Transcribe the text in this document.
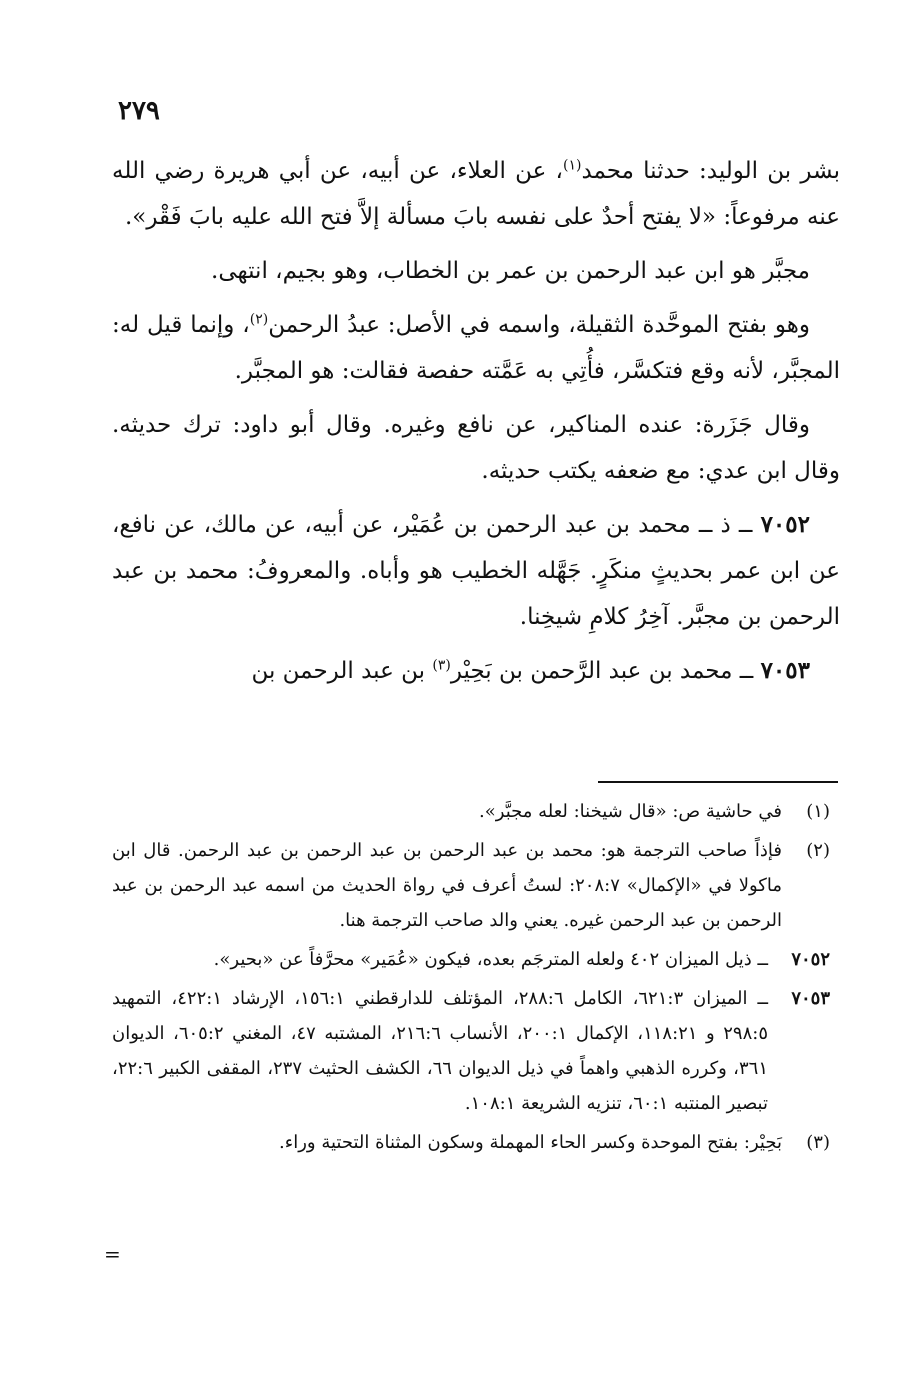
٢٧٩

بشر بن الوليد: حدثنا محمد$^{(١)}$، عن العلاء، عن أبيه، عن أبي هريرة رضي الله عنه مرفوعاً: «لا يفتح أحدٌ على نفسه بابَ مسألة إلاَّ فتح الله عليه بابَ فَقْر».

مجبَّر هو ابن عبد الرحمن بن عمر بن الخطاب، وهو بجيم، انتهى.

وهو بفتح الموحَّدة الثقيلة، واسمه في الأصل: عبدُ الرحمن$^{(٢)}$، وإنما قيل له: المجبَّر، لأنه وقع فتكسَّر، فأُتِي به عَمَّته حفصة فقالت: هو المجبَّر.

وقال جَزَرة: عنده المناكير، عن نافع وغيره. وقال أبو داود: ترك حديثه. وقال ابن عدي: مع ضعفه يكتب حديثه.

٧٠٥٢ ــ ذ ــ محمد بن عبد الرحمن بن عُمَيْر، عن أبيه، عن مالك، عن نافع، عن ابن عمر بحديثٍ منكَرٍ. جَهَّله الخطيب هو وأباه. والمعروفُ: محمد بن عبد الرحمن بن مجبَّر. آخِرُ كلامِ شيخِنا.

٧٠٥٣ ــ محمد بن عبد الرَّحمن بن بَحِيْر$^{(٣)}$ بن عبد الرحمن بن

(١)
في حاشية ص: «قال شيخنا: لعله مجبَّر».
(٢)
فإذاً صاحب الترجمة هو: محمد بن عبد الرحمن بن عبد الرحمن بن عبد الرحمن. قال ابن ماكولا في «الإكمال» ٢٠٨:٧: لستُ أعرف في رواة الحديث من اسمه عبد الرحمن بن عبد الرحمن بن عبد الرحمن غيره. يعني والد صاحب الترجمة هنا.
٧٠٥٢
ــ ذيل الميزان ٤٠٢ ولعله المترجَم بعده، فيكون «عُمَير» محرَّفاً عن «بحير».
٧٠٥٣
ــ الميزان ٦٢١:٣، الكامل ٢٨٨:٦، المؤتلف للدارقطني ١٥٦:١، الإرشاد ٤٢٢:١، التمهيد ٢٩٨:٥ و ١١٨:٢١، الإكمال ٢٠٠:١، الأنساب ٢١٦:٦، المشتبه ٤٧، المغني ٦٠٥:٢، الديوان ٣٦١، وكرره الذهبي واهماً في ذيل الديوان ٦٦، الكشف الحثيث ٢٣٧، المقفى الكبير ٢٢:٦، تبصير المنتبه ٦٠:١، تنزيه الشريعة ١٠٨:١.
(٣)
بَحِيْر: بفتح الموحدة وكسر الحاء المهملة وسكون المثناة التحتية وراء.
=
